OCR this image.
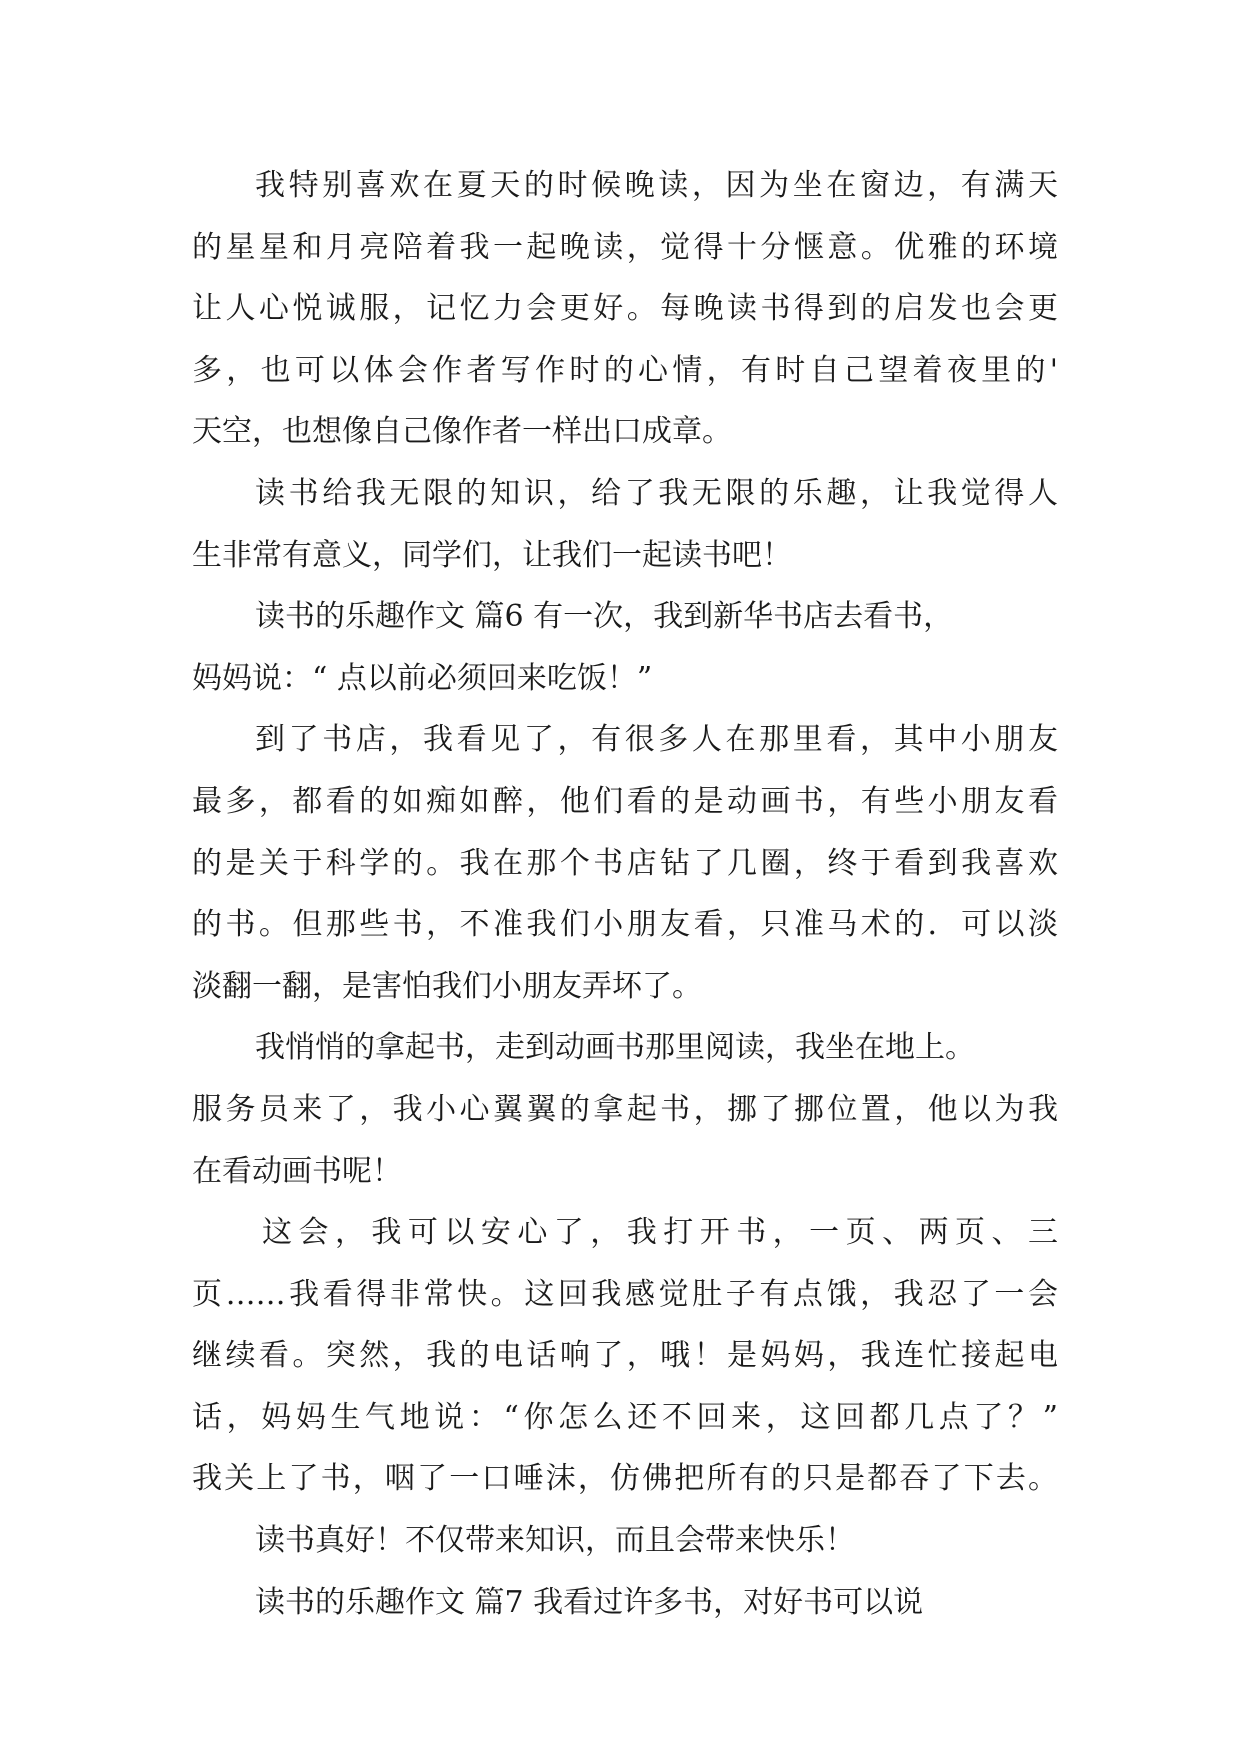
我特别喜欢在夏天的时候晚读，因为坐在窗边，有满天
的星星和月亮陪着我一起晚读，觉得十分惬意。优雅的环境
让人心悦诚服，记忆力会更好。每晚读书得到的启发也会更
多，也可以体会作者写作时的心情，有时自己望着夜里的'
天空，也想像自己像作者一样出口成章。
读书给我无限的知识，给了我无限的乐趣，让我觉得人
生非常有意义，同学们，让我们一起读书吧！
读书的乐趣作文 篇6 有一次，我到新华书店去看书，
妈妈说：“ 点以前必须回来吃饭！”
到了书店，我看见了，有很多人在那里看，其中小朋友
最多，都看的如痴如醉，他们看的是动画书，有些小朋友看
的是关于科学的。我在那个书店钻了几圈，终于看到我喜欢
的书。但那些书，不准我们小朋友看，只准马术的．可以淡
淡翻一翻，是害怕我们小朋友弄坏了。
我悄悄的拿起书，走到动画书那里阅读，我坐在地上。
服务员来了，我小心翼翼的拿起书，挪了挪位置，他以为我
在看动画书呢！
这会，我可以安心了，我打开书，一页、两页、三
页……我看得非常快。这回我感觉肚子有点饿，我忍了一会
继续看。突然，我的电话响了，哦！是妈妈，我连忙接起电
话，妈妈生气地说：“你怎么还不回来，这回都几点了？”
我关上了书，咽了一口唾沫，仿佛把所有的只是都吞了下去。
读书真好！不仅带来知识，而且会带来快乐！
读书的乐趣作文 篇7 我看过许多书，对好书可以说
